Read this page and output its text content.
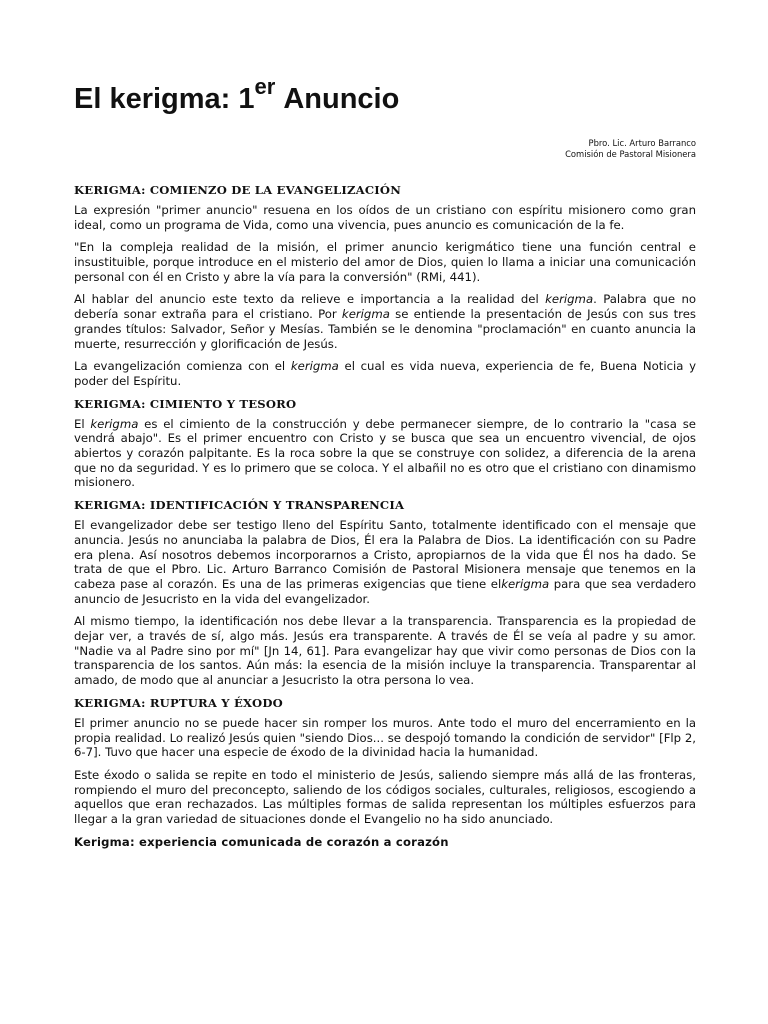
El kerigma: 1er Anuncio
Pbro. Lic. Arturo Barranco
Comisión de Pastoral Misionera
KERIGMA: COMIENZO DE LA EVANGELIZACIÓN

La expresión "primer anuncio" resuena en los oídos de un cristiano con espíritu misionero como gran ideal, como un programa de Vida, como una vivencia, pues anuncio es comunicación de la fe.

"En la compleja realidad de la misión, el primer anuncio kerigmático tiene una función central e insustituible, porque introduce en el misterio del amor de Dios, quien lo llama a iniciar una comunicación personal con él en Cristo y abre la vía para la conversión" (RMi, 441).

Al hablar del anuncio este texto da relieve e importancia a la realidad del kerigma. Palabra que no debería sonar extraña para el cristiano. Por kerigma se entiende la presentación de Jesús con sus tres grandes títulos: Salvador, Señor y Mesías. También se le denomina "proclamación" en cuanto anuncia la muerte, resurrección y glorificación de Jesús.

La evangelización comienza con el kerigma el cual es vida nueva, experiencia de fe, Buena Noticia y poder del Espíritu.

KERIGMA: CIMIENTO Y TESORO

El kerigma es el cimiento de la construcción y debe permanecer siempre, de lo contrario la "casa se vendrá abajo". Es el primer encuentro con Cristo y se busca que sea un encuentro vivencial, de ojos abiertos y corazón palpitante. Es la roca sobre la que se construye con solidez, a diferencia de la arena que no da seguridad. Y es lo primero que se coloca. Y el albañil no es otro que el cristiano con dinamismo misionero.

KERIGMA: IDENTIFICACIÓN Y TRANSPARENCIA

El evangelizador debe ser testigo lleno del Espíritu Santo, totalmente identificado con el mensaje que anuncia. Jesús no anunciaba la palabra de Dios, Él era la Palabra de Dios. La identificación con su Padre era plena. Así nosotros debemos incorporarnos a Cristo, apropiarnos de la vida que Él nos ha dado. Se trata de que el Pbro. Lic. Arturo Barranco Comisión de Pastoral Misionera mensaje que tenemos en la cabeza pase al corazón. Es una de las primeras exigencias que tiene elkerigma para que sea verdadero anuncio de Jesucristo en la vida del evangelizador.

Al mismo tiempo, la identificación nos debe llevar a la transparencia. Transparencia es la propiedad de dejar ver, a través de sí, algo más. Jesús era transparente. A través de Él se veía al padre y su amor. "Nadie va al Padre sino por mí" [Jn 14, 61]. Para evangelizar hay que vivir como personas de Dios con la transparencia de los santos. Aún más: la esencia de la misión incluye la transparencia. Transparentar al amado, de modo que al anunciar a Jesucristo la otra persona lo vea.

KERIGMA: RUPTURA Y ÉXODO

El primer anuncio no se puede hacer sin romper los muros. Ante todo el muro del encerramiento en la propia realidad. Lo realizó Jesús quien "siendo Dios... se despojó tomando la condición de servidor" [Flp 2, 6-7]. Tuvo que hacer una especie de éxodo de la divinidad hacia la humanidad.

Este éxodo o salida se repite en todo el ministerio de Jesús, saliendo siempre más allá de las fronteras, rompiendo el muro del preconcepto, saliendo de los códigos sociales, culturales, religiosos, escogiendo a aquellos que eran rechazados. Las múltiples formas de salida representan los múltiples esfuerzos para llegar a la gran variedad de situaciones donde el Evangelio no ha sido anunciado.

Kerigma: experiencia comunicada de corazón a corazón
